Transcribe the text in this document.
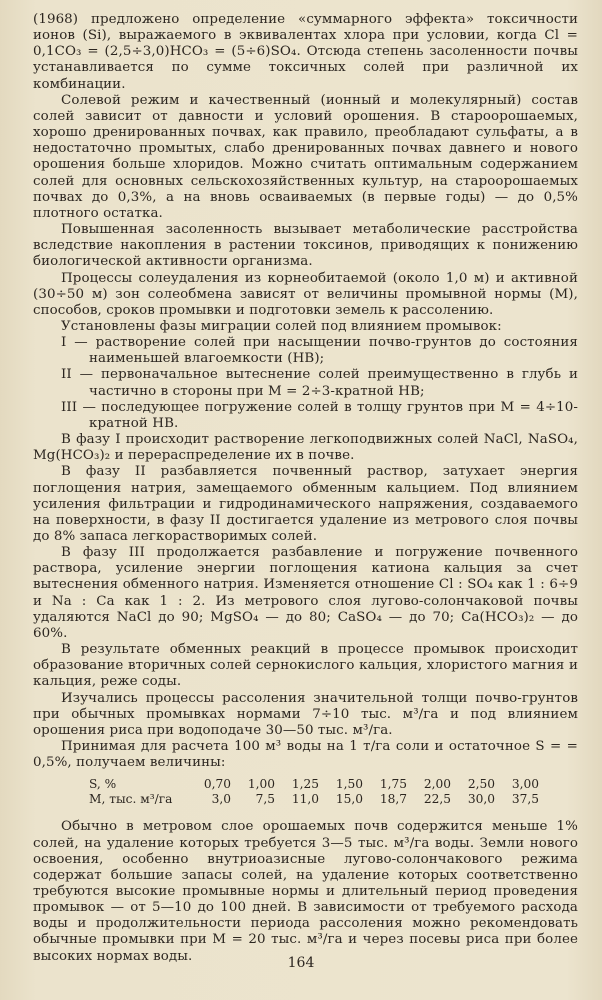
(1968) предложено определение «суммарного эффекта» токсичности ионов (Si), выражаемого в эквивалентах хлора при условии, когда Cl = 0,1CO₃ = (2,5÷3,0)HCO₃ = (5÷6)SO₄. Отсюда степень засоленности почвы устанавливается по сумме токсичных солей при различной их комбинации.

Солевой режим и качественный (ионный и молекулярный) состав солей зависит от давности и условий орошения. В староорошаемых, хорошо дренированных почвах, как правило, преобладают сульфаты, а в недостаточно промытых, слабо дренированных почвах давнего и нового орошения больше хлоридов. Можно считать оптимальным содержанием солей для основных сельскохозяйственных культур, на староорошаемых почвах до 0,3%, а на вновь осваиваемых (в первые годы) — до 0,5% плотного остатка.

Повышенная засоленность вызывает метаболические расстройства вследствие накопления в растении токсинов, приводящих к понижению биологической активности организма.

Процессы солеудаления из корнеобитаемой (около 1,0 м) и активной (30÷50 м) зон солеобмена зависят от величины промывной нормы (M), способов, сроков промывки и подготовки земель к рассолению.

Установлены фазы миграции солей под влиянием промывок:

I — растворение солей при насыщении почво-грунтов до состояния наименьшей влагоемкости (НВ);

II — первоначальное вытеснение солей преимущественно в глубь и частично в стороны при M = 2÷3-кратной НВ;

III — последующее погружение солей в толщу грунтов при M = 4÷10-кратной НВ.

В фазу I происходит растворение легкоподвижных солей NaCl, NaSO₄, Mg(HCO₃)₂ и перераспределение их в почве.

В фазу II разбавляется почвенный раствор, затухает энергия поглощения натрия, замещаемого обменным кальцием. Под влиянием усиления фильтрации и гидродинамического напряжения, создаваемого на поверхности, в фазу II достигается удаление из метрового слоя почвы до 8% запаса легкорастворимых солей.

В фазу III продолжается разбавление и погружение почвенного раствора, усиление энергии поглощения катиона кальция за счет вытеснения обменного натрия. Изменяется отношение Cl : SO₄ как 1 : 6÷9 и Na : Ca как 1 : 2. Из метрового слоя лугово-солончаковой почвы удаляются NaCl до 90; MgSO₄ — до 80; CaSO₄ — до 70; Ca(HCO₃)₂ — до 60%.

В результате обменных реакций в процессе промывок происходит образование вторичных солей сернокислого кальция, хлористого магния и кальция, реже соды.

Изучались процессы рассоления значительной толщи почво-грунтов при обычных промывках нормами 7÷10 тыс. м³/га и под влиянием орошения риса при водоподаче 30—50 тыс. м³/га.

Принимая для расчета 100 м³ воды на 1 т/га соли и остаточное S = = 0,5%, получаем величины:

S, %	0,70	1,00	1,25	1,50	1,75	2,00	2,50	3,00
M, тыс. м³/га	3,0	7,5	11,0	15,0	18,7	22,5	30,0	37,5

Обычно в метровом слое орошаемых почв содержится меньше 1% солей, на удаление которых требуется 3—5 тыс. м³/га воды. Земли нового освоения, особенно внутриоазисные лугово-солончакового режима содержат большие запасы солей, на удаление которых соответственно требуются высокие промывные нормы и длительный период проведения промывок — от 5—10 до 100 дней. В зависимости от требуемого расхода воды и продолжительности периода рассоления можно рекомендовать обычные промывки при M = 20 тыс. м³/га и через посевы риса при более высоких нормах воды.	164
